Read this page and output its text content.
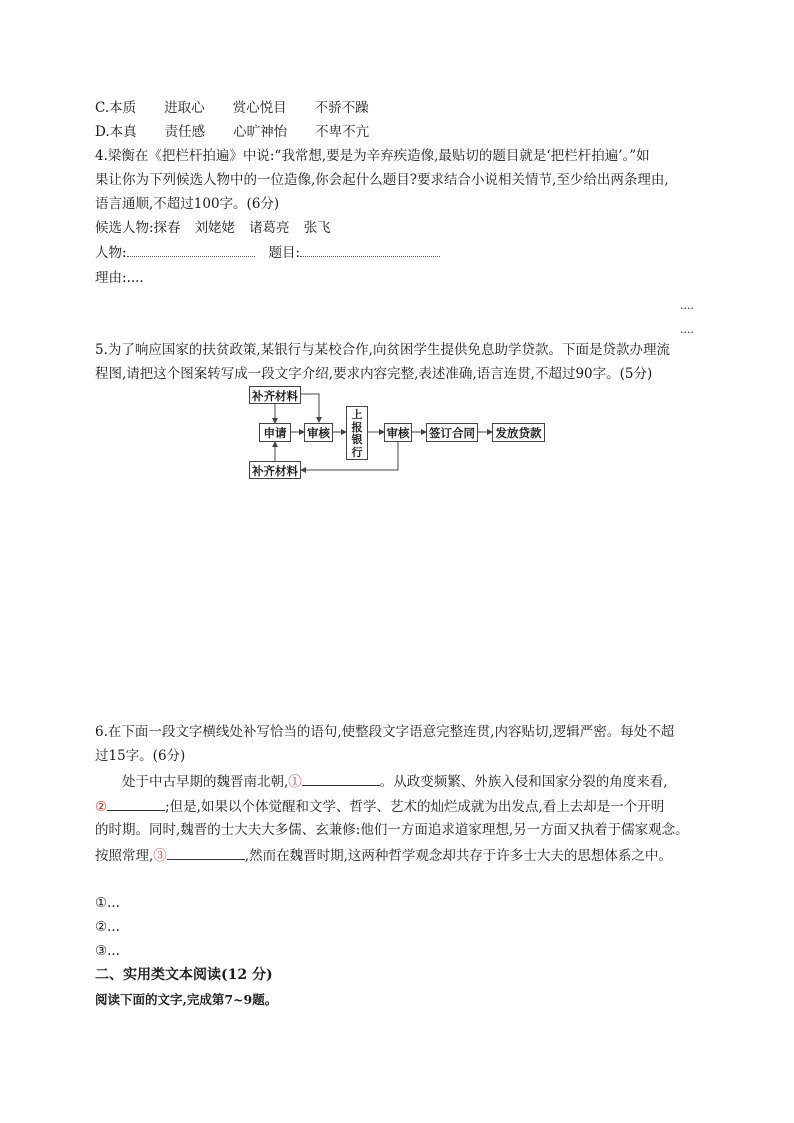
C.本质 进取心 赏心悦目 不骄不躁
D.本真 责任感 心旷神怡 不卑不亢
4.梁衡在《把栏杆拍遍》中说:“我常想,要是为辛弃疾造像,最贴切的题目就是‘把栏杆拍遍’。”如
果让你为下列候选人物中的一位造像,你会起什么题目?要求结合小说相关情节,至少给出两条理由,
语言通顺,不超过100字。(6分)
候选人物:探春 刘姥姥 诸葛亮 张飞
人物:	题目:
理由:....
....
....
5.为了响应国家的扶贫政策,某银行与某校合作,向贫困学生提供免息助学贷款。下面是贷款办理流
程图,请把这个图案转写成一段文字介绍,要求内容完整,表述准确,语言连贯,不超过90字。(5分)
补齐材料
申请	审核
上报银行
审核 签订合同	发放贷款
补齐材料
6.在下面一段文字横线处补写恰当的语句,使整段文字语意完整连贯,内容贴切,逻辑严密。每处不超
过15字。(6分)
处于中古早期的魏晋南北朝,①	。从政变频繁、外族入侵和国家分裂的角度来看,
②	;但是,如果以个体觉醒和文学、哲学、艺术的灿烂成就为出发点,看上去却是一个开明
的时期。同时,魏晋的士大夫大多儒、玄兼修:他们一方面追求道家理想,另一方面又执着于儒家观念。
按照常理,③	,然而在魏晋时期,这两种哲学观念却共存于许多士大夫的思想体系之中。
①...
②...
③...
二、实用类文本阅读(12 分)
阅读下面的文字,完成第7~9题。
